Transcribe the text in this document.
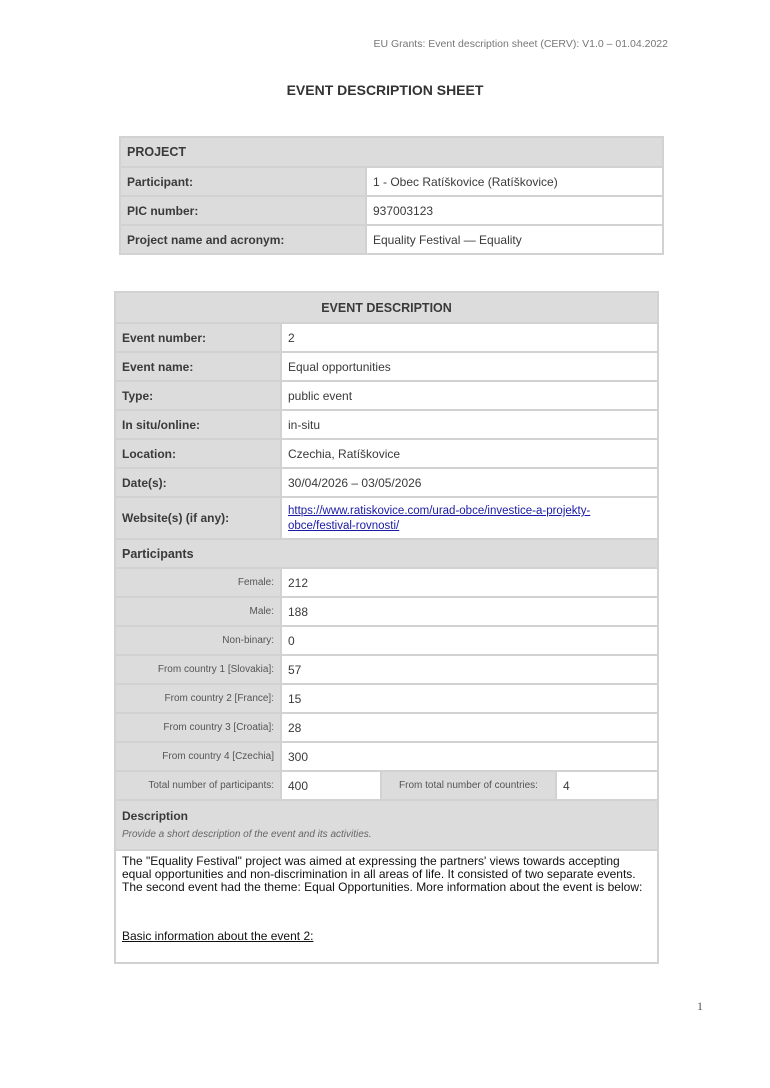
EU Grants: Event description sheet (CERV): V1.0 – 01.04.2022
EVENT DESCRIPTION SHEET
PROJECT	
Participant:	1 - Obec Ratíškovice (Ratíškovice)
PIC number:	937003123
Project name and acronym:	Equality Festival — Equality
EVENT DESCRIPTION			
Event number:	2		
Event name:	Equal opportunities		
Type:	public event		
In situ/online:	in-situ		
Location:	Czechia, Ratíškovice		
Date(s):	30/04/2026 – 03/05/2026		
Website(s) (if any):	https://www.ratiskovice.com/urad-obce/investice-a-projekty-obce/festival-rovnosti/		
Participants			
Female:	212		
Male:	188		
Non-binary:	0		
From country 1 [Slovakia]:	57		
From country 2 [France]:	15		
From country 3 [Croatia]:	28		
From country 4 [Czechia]	300		
Total number of participants:	400	From total number of countries:	4

Description
Provide a short description of the event and its activities.			

The "Equality Festival" project was aimed at expressing the partners' views towards accepting equal opportunities and non-discrimination in all areas of life. It consisted of two separate events. The second event had the theme: Equal Opportunities. More information about the event is below:
Basic information about the event 2:			
1
